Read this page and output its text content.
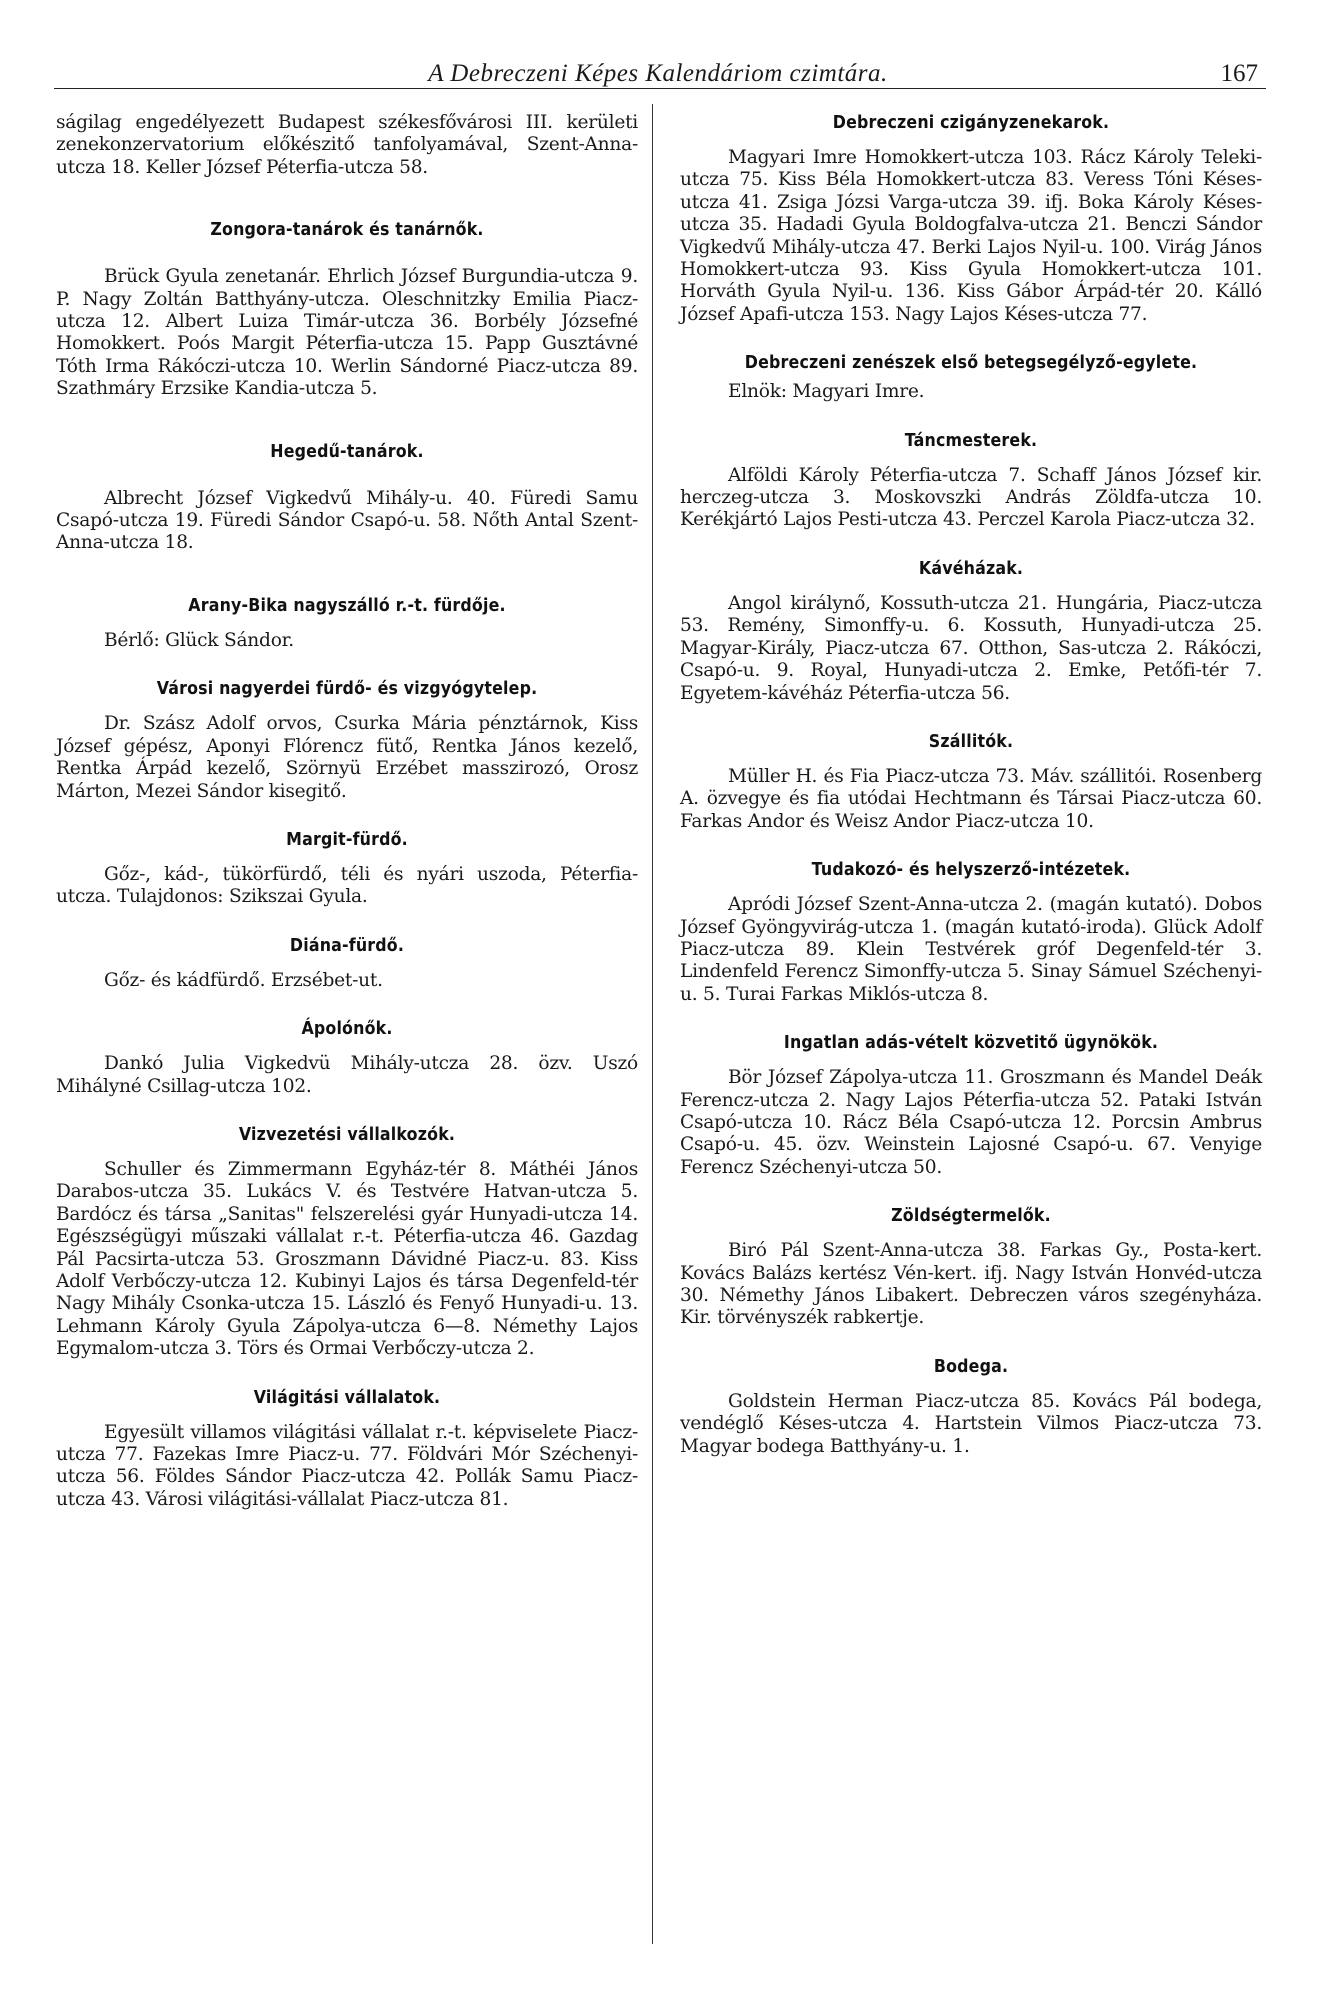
A Debreczeni Képes Kalendáriom czimtára.	167

ságilag engedélyezett Budapest székesfővárosi III. kerületi zenekonzervatorium előkészitő tanfolyamával, Szent-Anna-utcza 18. Keller József Péterfia-utcza 58.

Zongora-tanárok és tanárnők.

Brück Gyula zenetanár. Ehrlich József Burgundia-utcza 9. P. Nagy Zoltán Batthyány-utcza. Oleschnitzky Emilia Piacz-utcza 12. Albert Luiza Timár-utcza 36. Borbély Józsefné Homokkert. Poós Margit Péterfia-utcza 15. Papp Gusztávné Tóth Irma Rákóczi-utcza 10. Werlin Sándorné Piacz-utcza 89. Szathmáry Erzsike Kandia-utcza 5.

Hegedű-tanárok.

Albrecht József Vigkedvű Mihály-u. 40. Füredi Samu Csapó-utcza 19. Füredi Sándor Csapó-u. 58. Nőth Antal Szent-Anna-utcza 18.

Arany-Bika nagyszálló r.-t. fürdője.

Bérlő: Glück Sándor.

Városi nagyerdei fürdő- és vizgyógytelep.

Dr. Szász Adolf orvos, Csurka Mária pénztárnok, Kiss József gépész, Aponyi Flórencz fütő, Rentka János kezelő, Rentka Árpád kezelő, Szörnyü Erzébet masszirozó, Orosz Márton, Mezei Sándor kisegitő.

Margit-fürdő.

Gőz-, kád-, tükörfürdő, téli és nyári uszoda, Péterfia-utcza. Tulajdonos: Szikszai Gyula.

Diána-fürdő.

Gőz- és kádfürdő. Erzsébet-ut.

Ápolónők.

Dankó Julia Vigkedvü Mihály-utcza 28. özv. Uszó Mihályné Csillag-utcza 102.

Vizvezetési vállalkozók.

Schuller és Zimmermann Egyház-tér 8. Máthéi János Darabos-utcza 35. Lukács V. és Testvére Hatvan-utcza 5. Bardócz és társa „Sanitas" felszerelési gyár Hunyadi-utcza 14. Egészségügyi műszaki vállalat r.-t. Péterfia-utcza 46. Gazdag Pál Pacsirta-utcza 53. Groszmann Dávidné Piacz-u. 83. Kiss Adolf Verbőczy-utcza 12. Kubinyi Lajos és társa Degenfeld-tér Nagy Mihály Csonka-utcza 15. László és Fenyő Hunyadi-u. 13. Lehmann Károly Gyula Zápolya-utcza 6—8. Némethy Lajos Egymalom-utcza 3. Törs és Ormai Verbőczy-utcza 2.

Világitási vállalatok.

Egyesült villamos világitási vállalat r.-t. képviselete Piacz-utcza 77. Fazekas Imre Piacz-u. 77. Földvári Mór Széchenyi-utcza 56. Földes Sándor Piacz-utcza 42. Pollák Samu Piacz-utcza 43. Városi világitási-vállalat Piacz-utcza 81.

Debreczeni czigányzenekarok.

Magyari Imre Homokkert-utcza 103. Rácz Károly Teleki-utcza 75. Kiss Béla Homokkert-utcza 83. Veress Tóni Késes-utcza 41. Zsiga Józsi Varga-utcza 39. ifj. Boka Károly Késes-utcza 35. Hadadi Gyula Boldogfalva-utcza 21. Benczi Sándor Vigkedvű Mihály-utcza 47. Berki Lajos Nyil-u. 100. Virág János Homokkert-utcza 93. Kiss Gyula Homokkert-utcza 101. Horváth Gyula Nyil-u. 136. Kiss Gábor Árpád-tér 20. Kálló József Apafi-utcza 153. Nagy Lajos Késes-utcza 77.

Debreczeni zenészek első betegsegélyző-egylete.

Elnök: Magyari Imre.

Táncmesterek.

Alföldi Károly Péterfia-utcza 7. Schaff János József kir. herczeg-utcza 3. Moskovszki András Zöldfa-utcza 10. Kerékjártó Lajos Pesti-utcza 43. Perczel Karola Piacz-utcza 32.

Kávéházak.

Angol királynő, Kossuth-utcza 21. Hungária, Piacz-utcza 53. Remény, Simonffy-u. 6. Kossuth, Hunyadi-utcza 25. Magyar-Király, Piacz-utcza 67. Otthon, Sas-utcza 2. Rákóczi, Csapó-u. 9. Royal, Hunyadi-utcza 2. Emke, Petőfi-tér 7. Egyetem-kávéház Péterfia-utcza 56.

Szállitók.

Müller H. és Fia Piacz-utcza 73. Máv. szállitói. Rosenberg A. özvegye és fia utódai Hechtmann és Társai Piacz-utcza 60. Farkas Andor és Weisz Andor Piacz-utcza 10.

Tudakozó- és helyszerző-intézetek.

Apródi József Szent-Anna-utcza 2. (magán kutató). Dobos József Gyöngyvirág-utcza 1. (magán kutató-iroda). Glück Adolf Piacz-utcza 89. Klein Testvérek gróf Degenfeld-tér 3. Lindenfeld Ferencz Simonffy-utcza 5. Sinay Sámuel Széchenyi-u. 5. Turai Farkas Miklós-utcza 8.

Ingatlan adás-vételt közvetitő ügynökök.

Bör József Zápolya-utcza 11. Groszmann és Mandel Deák Ferencz-utcza 2. Nagy Lajos Péterfia-utcza 52. Pataki István Csapó-utcza 10. Rácz Béla Csapó-utcza 12. Porcsin Ambrus Csapó-u. 45. özv. Weinstein Lajosné Csapó-u. 67. Venyige Ferencz Széchenyi-utcza 50.

Zöldségtermelők.

Biró Pál Szent-Anna-utcza 38. Farkas Gy., Posta-kert. Kovács Balázs kertész Vén-kert. ifj. Nagy István Honvéd-utcza 30. Némethy János Libakert. Debreczen város szegényháza. Kir. törvényszék rabkertje.

Bodega.

Goldstein Herman Piacz-utcza 85. Kovács Pál bodega, vendéglő Késes-utcza 4. Hartstein Vilmos Piacz-utcza 73. Magyar bodega Batthyány-u. 1.
